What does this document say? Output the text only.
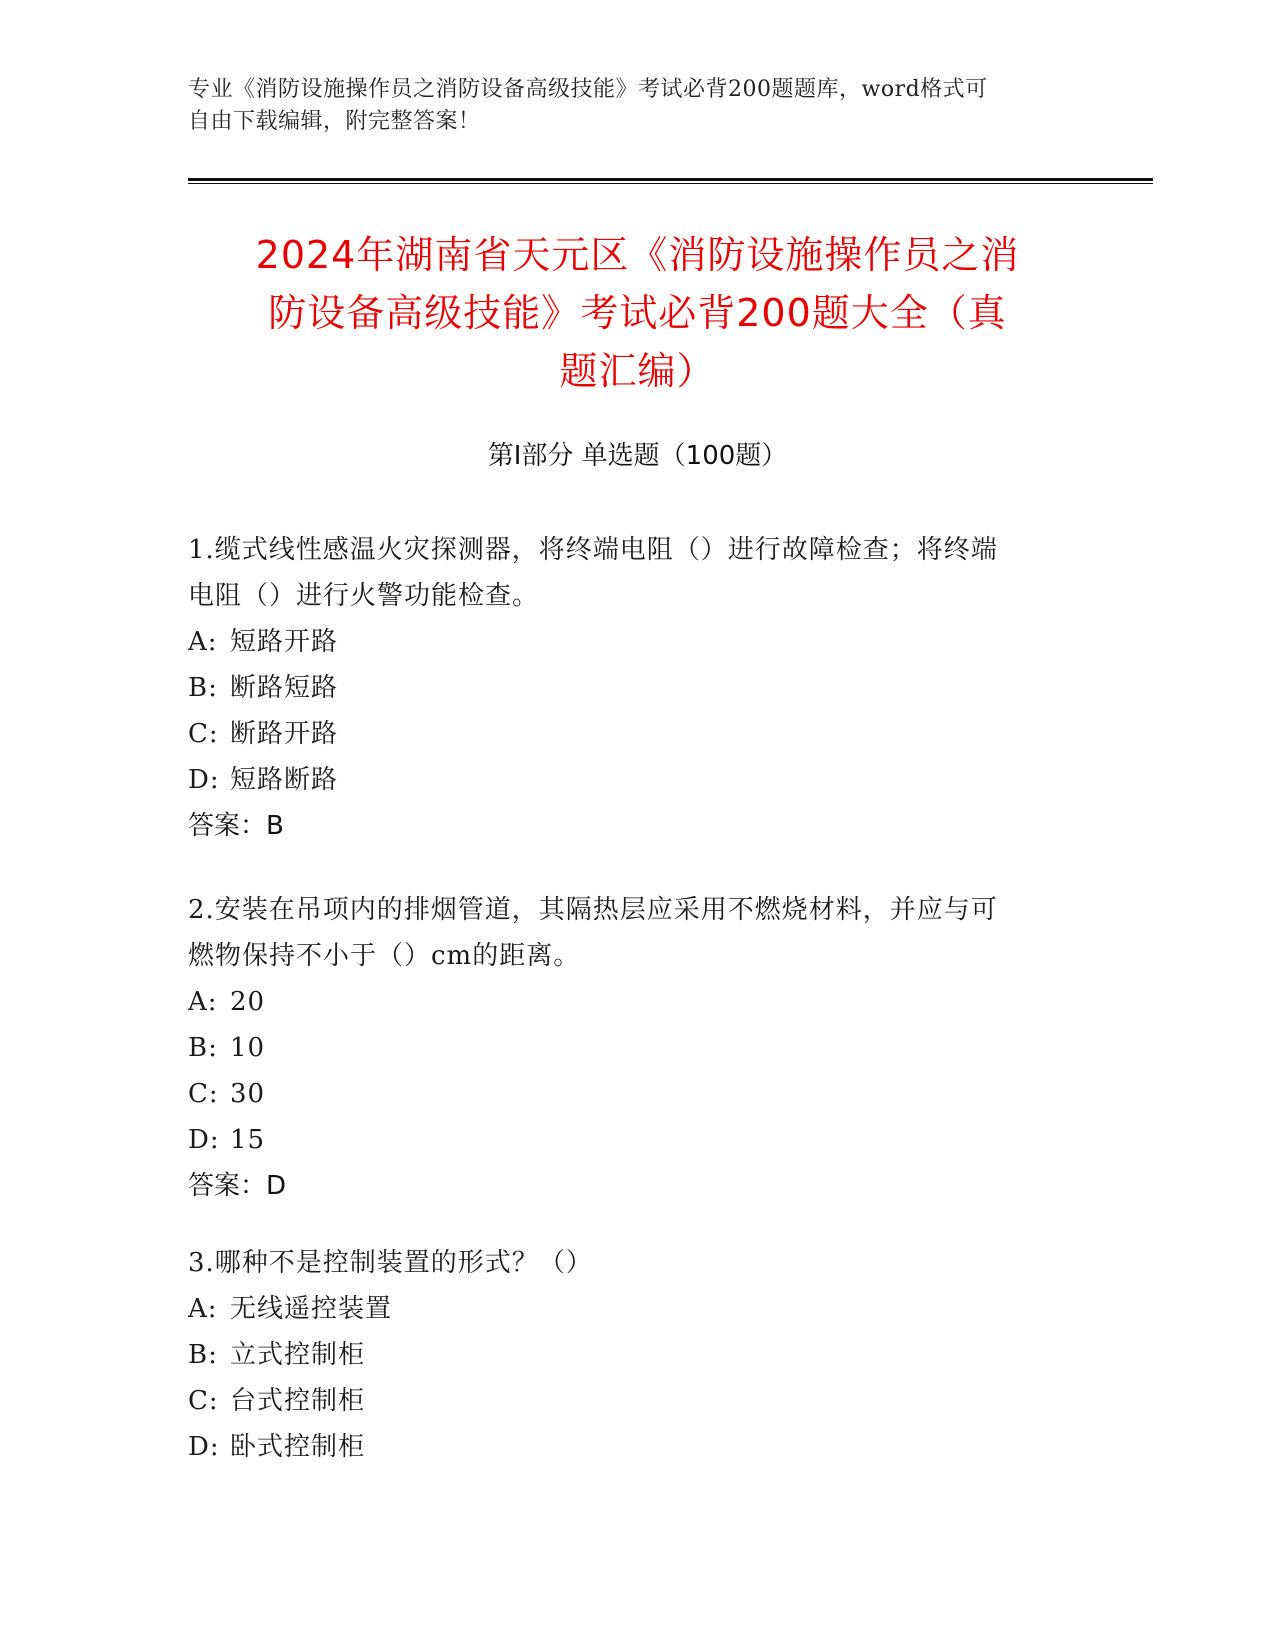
专业《消防设施操作员之消防设备高级技能》考试必背200题题库，word格式可
自由下载编辑，附完整答案！
2024年湖南省天元区《消防设施操作员之消
防设备高级技能》考试必背200题大全（真
题汇编）
第Ⅰ部分 单选题（100题）
1.缆式线性感温火灾探测器，将终端电阻（）进行故障检查；将终端
电阻（）进行火警功能检查。
A: 短路开路
B: 断路短路
C: 断路开路
D: 短路断路
答案：B
2.安装在吊项内的排烟管道，其隔热层应采用不燃烧材料，并应与可
燃物保持不小于（）cm的距离。
A: 20
B: 10
C: 30
D: 15
答案：D
3.哪种不是控制装置的形式？（）
A: 无线遥控装置
B: 立式控制柜
C: 台式控制柜
D: 卧式控制柜
